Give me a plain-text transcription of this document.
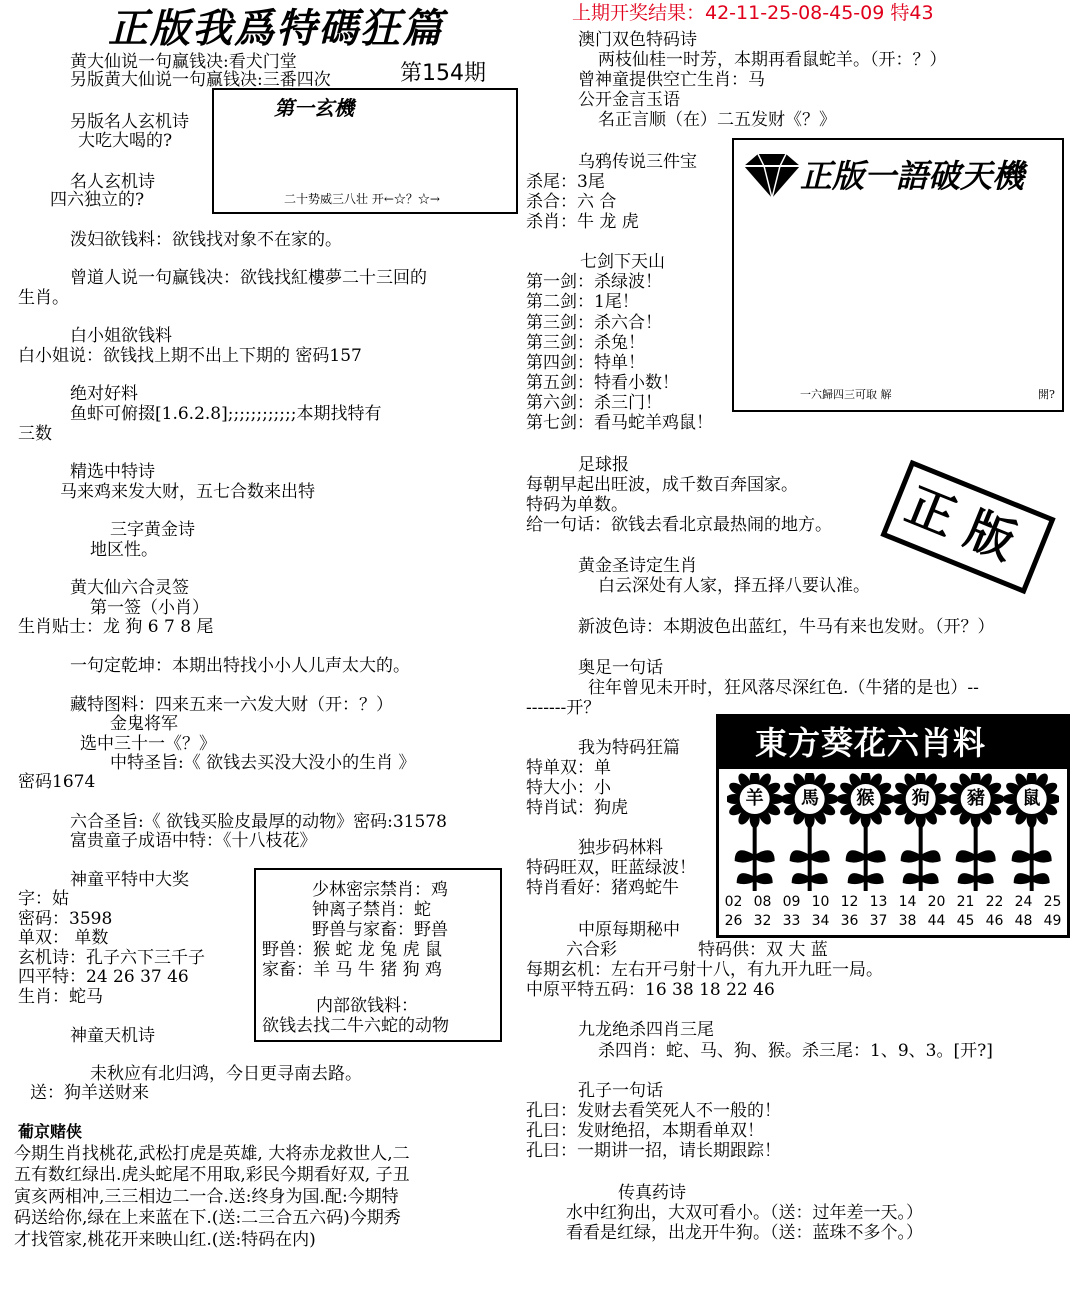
正版我爲特碼狂篇	上期开奖结果：42-11-25-08-45-09 特43
第154期
第一玄機
二十势威三八壮 开←☆？☆→
黄大仙说一句赢钱决:看犬门堂
另版黄大仙说一句赢钱决:三番四次
另版名人玄机诗
大吃大喝的?
名人玄机诗
四六独立的?
泼妇欲钱料：欲钱找对象不在家的。
曾道人说一句赢钱决：欲钱找紅樓夢二十三回的
生肖。
白小姐欲钱料
白小姐说：欲钱找上期不出上下期的 密码157
绝对好料
鱼虾可俯掇[1.6.2.8];;;;;;;;;;;;本期找特有
三数
精选中特诗
马来鸡来发大财，五七合数来出特
三字黄金诗
地区性。
黄大仙六合灵签
第一签（小肖）
生肖贴士：龙 狗 6 7 8 尾
一句定乾坤：本期出特找小小人儿声太大的。
藏特图料：四来五来一六发大财（开：？）
金鬼将军
选中三十一《？》
中特圣旨:《 欲钱去买没大没小的生肖 》
密码1674
六合圣旨:《 欲钱买脸皮最厚的动物》密码:31578
富贵童子成语中特：《十八枝花》
神童平特中大奖
字：姑
密码：3598
单双： 单数
玄机诗：孔子六下三千子
四平特：24 26 37 46
生肖：蛇马
神童天机诗
未秋应有北归鸿，今日更寻南去路。
送：狗羊送财来
葡京赌侠
今期生肖找桃花,武松打虎是英雄, 大将赤龙救世人,二
五有数红绿出.虎头蛇尾不用取,彩民今期看好双, 子丑
寅亥两相冲,三三相边二一合.送:终身为国.配:今期特
码送给你,绿在上来蓝在下.(送:二三合五六码)今期秀
才找管家,桃花开来映山红.(送:特码在内)
少林密宗禁肖：鸡
钟离子禁肖：蛇
野兽与家畜：野兽
野兽：猴 蛇 龙 兔 虎 鼠
家畜：羊 马 牛 猪 狗 鸡
内部欲钱料：
欲钱去找二牛六蛇的动物
澳门双色特码诗
两枝仙桂一时芳，本期再看鼠蛇羊。（开：？）
曾神童提供空亡生肖：马
公开金言玉语
名正言顺（在）二五发财《？》
乌鸦传说三件宝
杀尾：3尾
杀合：六 合
杀肖：牛 龙 虎
七剑下天山
第一剑：杀绿波！
第二剑：1尾！
第三剑：杀六合！
第三剑：杀兔！
第四剑：特单！
第五剑：特看小数！
第六剑：杀三门！
第七剑：看马蛇羊鸡鼠！
足球报
每朝早起出旺波，成千数百奔国家。
特码为单数。
给一句话：欲钱去看北京最热闹的地方。
黄金圣诗定生肖
白云深处有人家，择五择八要认准。
新波色诗：本期波色出蓝红，牛马有来也发财。（开？）
奥足一句话
往年曾见未开时，狂风落尽深红色.（牛猪的是也）--
-------开？
我为特码狂篇
特单双：单
特大小：小
特肖试：狗虎
独步码林料
特码旺双，旺蓝绿波！
特肖看好：猪鸡蛇牛
中原每期秘中
六合彩	特码供：双 大 蓝
每期玄机：左右开弓射十八，有九开九旺一局。
中原平特五码：16 38 18 22 46
九龙绝杀四肖三尾
杀四肖：蛇、马、狗、猴。杀三尾：1、9、3。[开?]
孔子一句话
孔曰：发财去看笑死人不一般的！
孔曰：发财绝招，本期看单双！
孔曰：一期讲一招，请长期跟踪！
传真药诗
水中红狗出，大双可看小。（送：过年差一天。）
看看是红绿，出龙开牛狗。（送：蓝珠不多个。）
正版一語破天機
一六歸四三可取 解	開?
正版
東方葵花六肖料
羊	馬	猴	狗	豬	鼠
02 08 09 10 12 13 14 20 21 22 24 25
26 32 33 34 36 37 38 44 45 46 48 49
